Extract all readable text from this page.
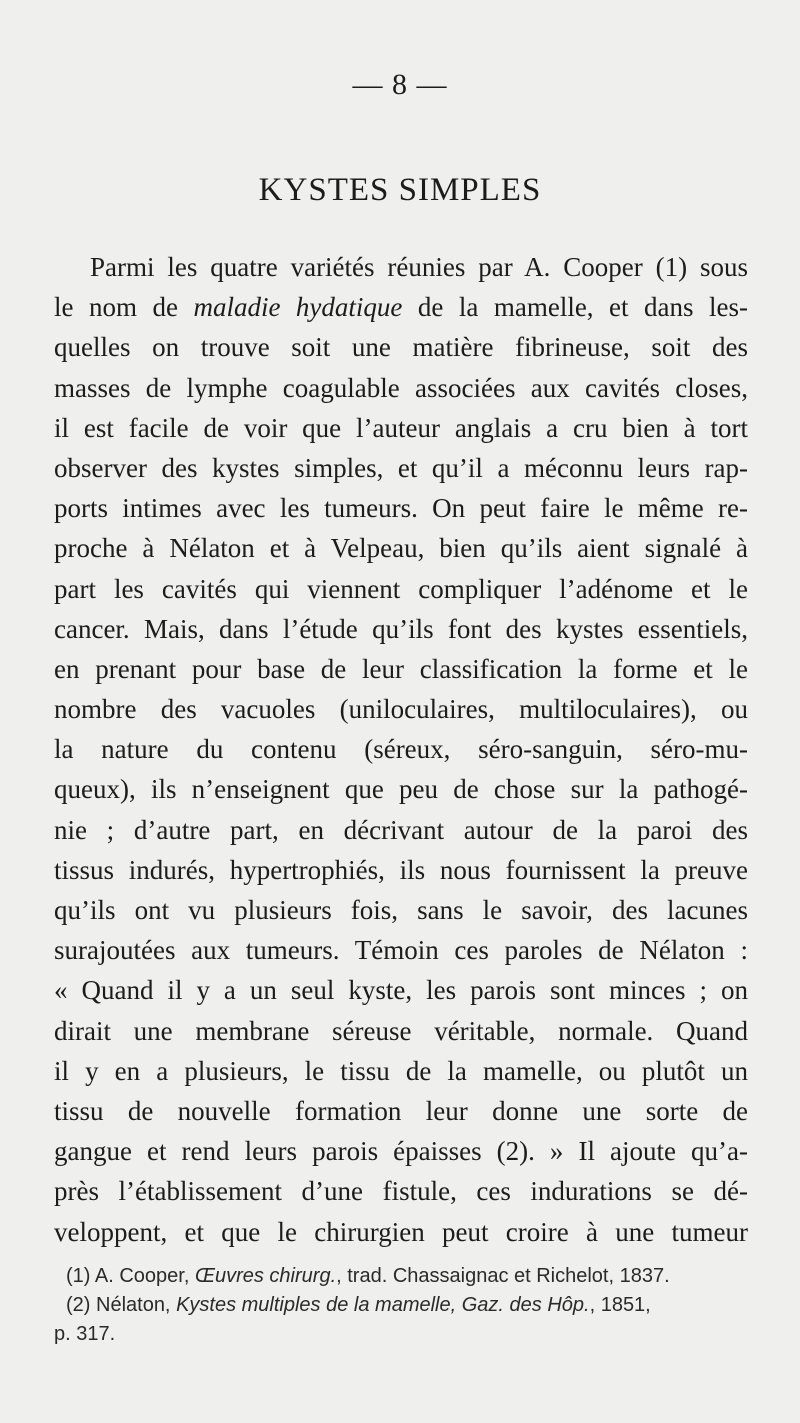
— 8 —
KYSTES SIMPLES
Parmi les quatre variétés réunies par A. Cooper (1) sous
le nom de maladie hydatique de la mamelle, et dans les-
quelles on trouve soit une matière fibrineuse, soit des
masses de lymphe coagulable associées aux cavités closes,
il est facile de voir que l’auteur anglais a cru bien à tort
observer des kystes simples, et qu’il a méconnu leurs rap-
ports intimes avec les tumeurs. On peut faire le même re-
proche à Nélaton et à Velpeau, bien qu’ils aient signalé à
part les cavités qui viennent compliquer l’adénome et le
cancer. Mais, dans l’étude qu’ils font des kystes essentiels,
en prenant pour base de leur classification la forme et le
nombre des vacuoles (uniloculaires, multiloculaires), ou
la nature du contenu (séreux, séro-sanguin, séro-mu-
queux), ils n’enseignent que peu de chose sur la pathogé-
nie ; d’autre part, en décrivant autour de la paroi des
tissus indurés, hypertrophiés, ils nous fournissent la preuve
qu’ils ont vu plusieurs fois, sans le savoir, des lacunes
surajoutées aux tumeurs. Témoin ces paroles de Nélaton :
« Quand il y a un seul kyste, les parois sont minces ; on
dirait une membrane séreuse véritable, normale. Quand
il y en a plusieurs, le tissu de la mamelle, ou plutôt un
tissu de nouvelle formation leur donne une sorte de
gangue et rend leurs parois épaisses (2). » Il ajoute qu’a-
près l’établissement d’une fistule, ces indurations se dé-
veloppent, et que le chirurgien peut croire à une tumeur
(1) A. Cooper, Œuvres chirurg., trad. Chassaignac et Richelot, 1837.
(2) Nélaton, Kystes multiples de la mamelle, Gaz. des Hôp., 1851,
p. 317.
